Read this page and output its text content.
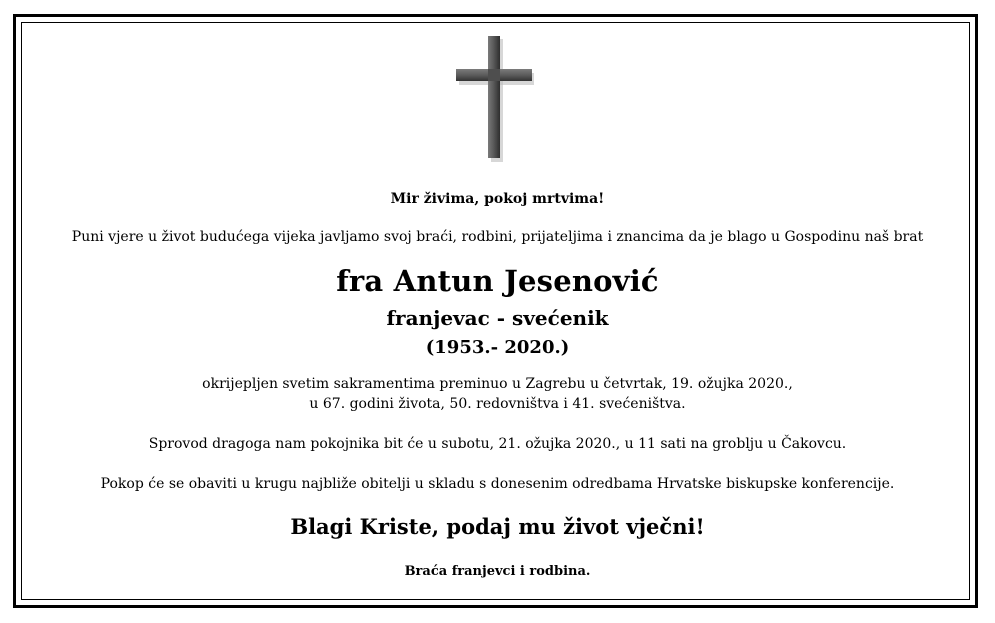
Mir živima, pokoj mrtvima!
Puni vjere u život budućega vijeka javljamo svoj braći, rodbini, prijateljima i znancima da je blago u Gospodinu naš brat
fra Antun Jesenović
franjevac - svećenik
(1953.- 2020.)
okrijepljen svetim sakramentima preminuo u Zagrebu u četvrtak, 19. ožujka 2020.,
u 67. godini života, 50. redovništva i 41. svećeništva.
Sprovod dragoga nam pokojnika bit će u subotu, 21. ožujka 2020., u 11 sati na groblju u Čakovcu.
Pokop će se obaviti u krugu najbliže obitelji u skladu s donesenim odredbama Hrvatske biskupske konferencije.
Blagi Kriste, podaj mu život vječni!
Braća franjevci i rodbina.
